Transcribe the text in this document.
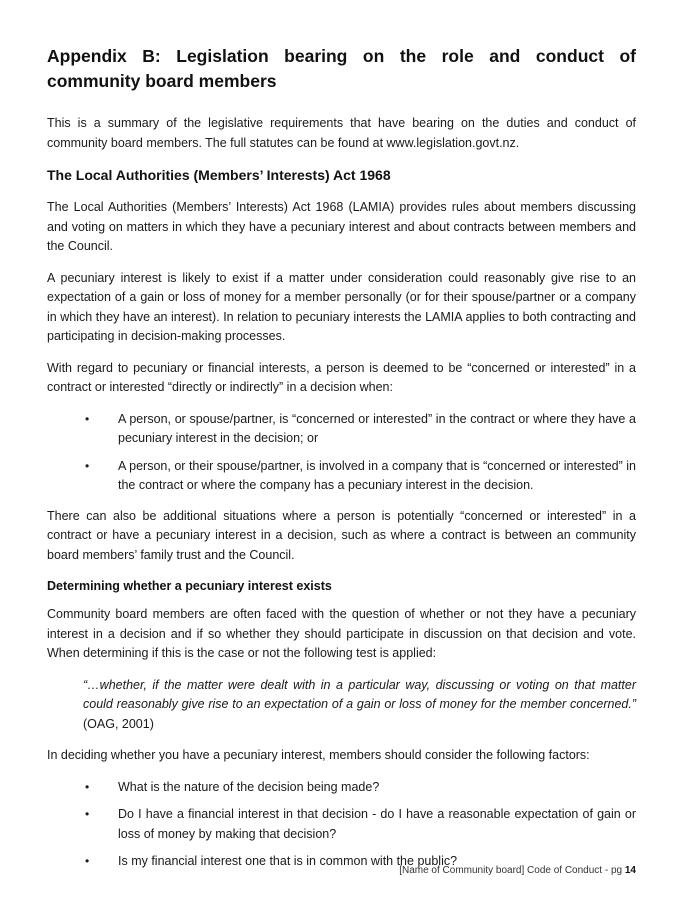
Appendix B: Legislation bearing on the role and conduct of community board members

This is a summary of the legislative requirements that have bearing on the duties and conduct of community board members. The full statutes can be found at www.legislation.govt.nz.

The Local Authorities (Members’ Interests) Act 1968

The Local Authorities (Members’ Interests) Act 1968 (LAMIA) provides rules about members discussing and voting on matters in which they have a pecuniary interest and about contracts between members and the Council.

A pecuniary interest is likely to exist if a matter under consideration could reasonably give rise to an expectation of a gain or loss of money for a member personally (or for their spouse/partner or a company in which they have an interest). In relation to pecuniary interests the LAMIA applies to both contracting and participating in decision-making processes.

With regard to pecuniary or financial interests, a person is deemed to be “concerned or interested” in a contract or interested “directly or indirectly” in a decision when:

• A person, or spouse/partner, is “concerned or interested” in the contract or where they have a pecuniary interest in the decision; or
• A person, or their spouse/partner, is involved in a company that is “concerned or interested” in the contract or where the company has a pecuniary interest in the decision.

There can also be additional situations where a person is potentially “concerned or interested” in a contract or have a pecuniary interest in a decision, such as where a contract is between an community board members’ family trust and the Council.

Determining whether a pecuniary interest exists

Community board members are often faced with the question of whether or not they have a pecuniary interest in a decision and if so whether they should participate in discussion on that decision and vote. When determining if this is the case or not the following test is applied:

“…whether, if the matter were dealt with in a particular way, discussing or voting on that matter could reasonably give rise to an expectation of a gain or loss of money for the member concerned.” (OAG, 2001)

In deciding whether you have a pecuniary interest, members should consider the following factors:

• What is the nature of the decision being made?
• Do I have a financial interest in that decision - do I have a reasonable expectation of gain or loss of money by making that decision?
• Is my financial interest one that is in common with the public?
[Name of Community board] Code of Conduct - pg 14
